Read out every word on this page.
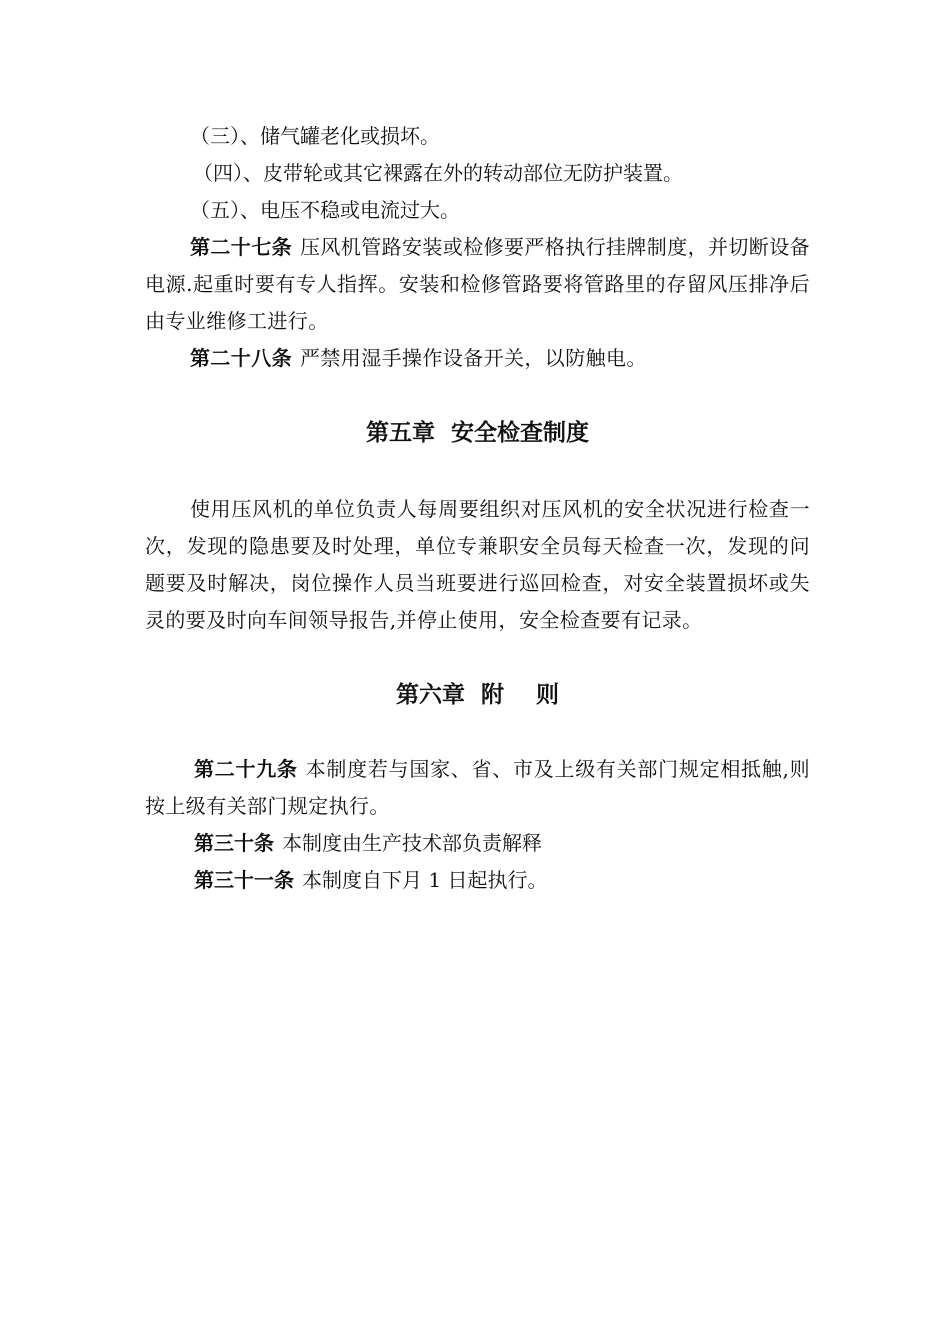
（三）、储气罐老化或损坏。

（四）、皮带轮或其它裸露在外的转动部位无防护装置。

（五）、电压不稳或电流过大。

第二十七条 压风机管路安装或检修要严格执行挂牌制度，并切断设备电源.起重时要有专人指挥。安装和检修管路要将管路里的存留风压排净后由专业维修工进行。

第二十八条 严禁用湿手操作设备开关，以防触电。

第五章  安全检查制度

使用压风机的单位负责人每周要组织对压风机的安全状况进行检查一次，发现的隐患要及时处理，单位专兼职安全员每天检查一次，发现的问题要及时解决，岗位操作人员当班要进行巡回检查，对安全装置损坏或失灵的要及时向车间领导报告,并停止使用，安全检查要有记录。

第六章  附    则

第二十九条 本制度若与国家、省、市及上级有关部门规定相抵触,则按上级有关部门规定执行。

第三十条 本制度由生产技术部负责解释

第三十一条 本制度自下月 1 日起执行。
